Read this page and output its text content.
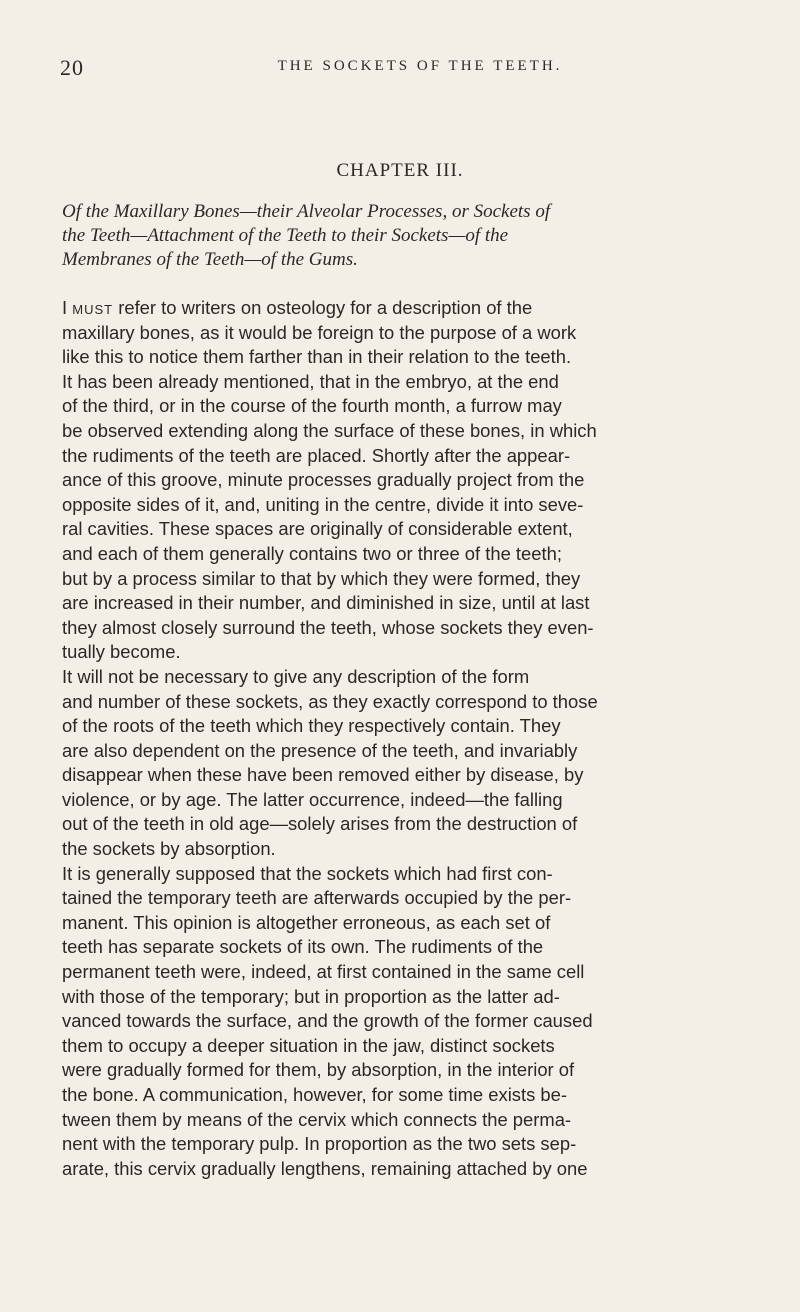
20	THE SOCKETS OF THE TEETH.
CHAPTER III.
Of the Maxillary Bones—their Alveolar Processes, or Sockets of
the Teeth—Attachment of the Teeth to their Sockets—of the
Membranes of the Teeth—of the Gums.
I must refer to writers on osteology for a description of the
maxillary bones, as it would be foreign to the purpose of a work
like this to notice them farther than in their relation to the teeth.
It has been already mentioned, that in the embryo, at the end
of the third, or in the course of the fourth month, a furrow may
be observed extending along the surface of these bones, in which
the rudiments of the teeth are placed. Shortly after the appear-
ance of this groove, minute processes gradually project from the
opposite sides of it, and, uniting in the centre, divide it into seve-
ral cavities. These spaces are originally of considerable extent,
and each of them generally contains two or three of the teeth;
but by a process similar to that by which they were formed, they
are increased in their number, and diminished in size, until at last
they almost closely surround the teeth, whose sockets they even-
tually become.
It will not be necessary to give any description of the form
and number of these sockets, as they exactly correspond to those
of the roots of the teeth which they respectively contain. They
are also dependent on the presence of the teeth, and invariably
disappear when these have been removed either by disease, by
violence, or by age. The latter occurrence, indeed—the falling
out of the teeth in old age—solely arises from the destruction of
the sockets by absorption.
It is generally supposed that the sockets which had first con-
tained the temporary teeth are afterwards occupied by the per-
manent. This opinion is altogether erroneous, as each set of
teeth has separate sockets of its own. The rudiments of the
permanent teeth were, indeed, at first contained in the same cell
with those of the temporary; but in proportion as the latter ad-
vanced towards the surface, and the growth of the former caused
them to occupy a deeper situation in the jaw, distinct sockets
were gradually formed for them, by absorption, in the interior of
the bone. A communication, however, for some time exists be-
tween them by means of the cervix which connects the perma-
nent with the temporary pulp. In proportion as the two sets sep-
arate, this cervix gradually lengthens, remaining attached by one
